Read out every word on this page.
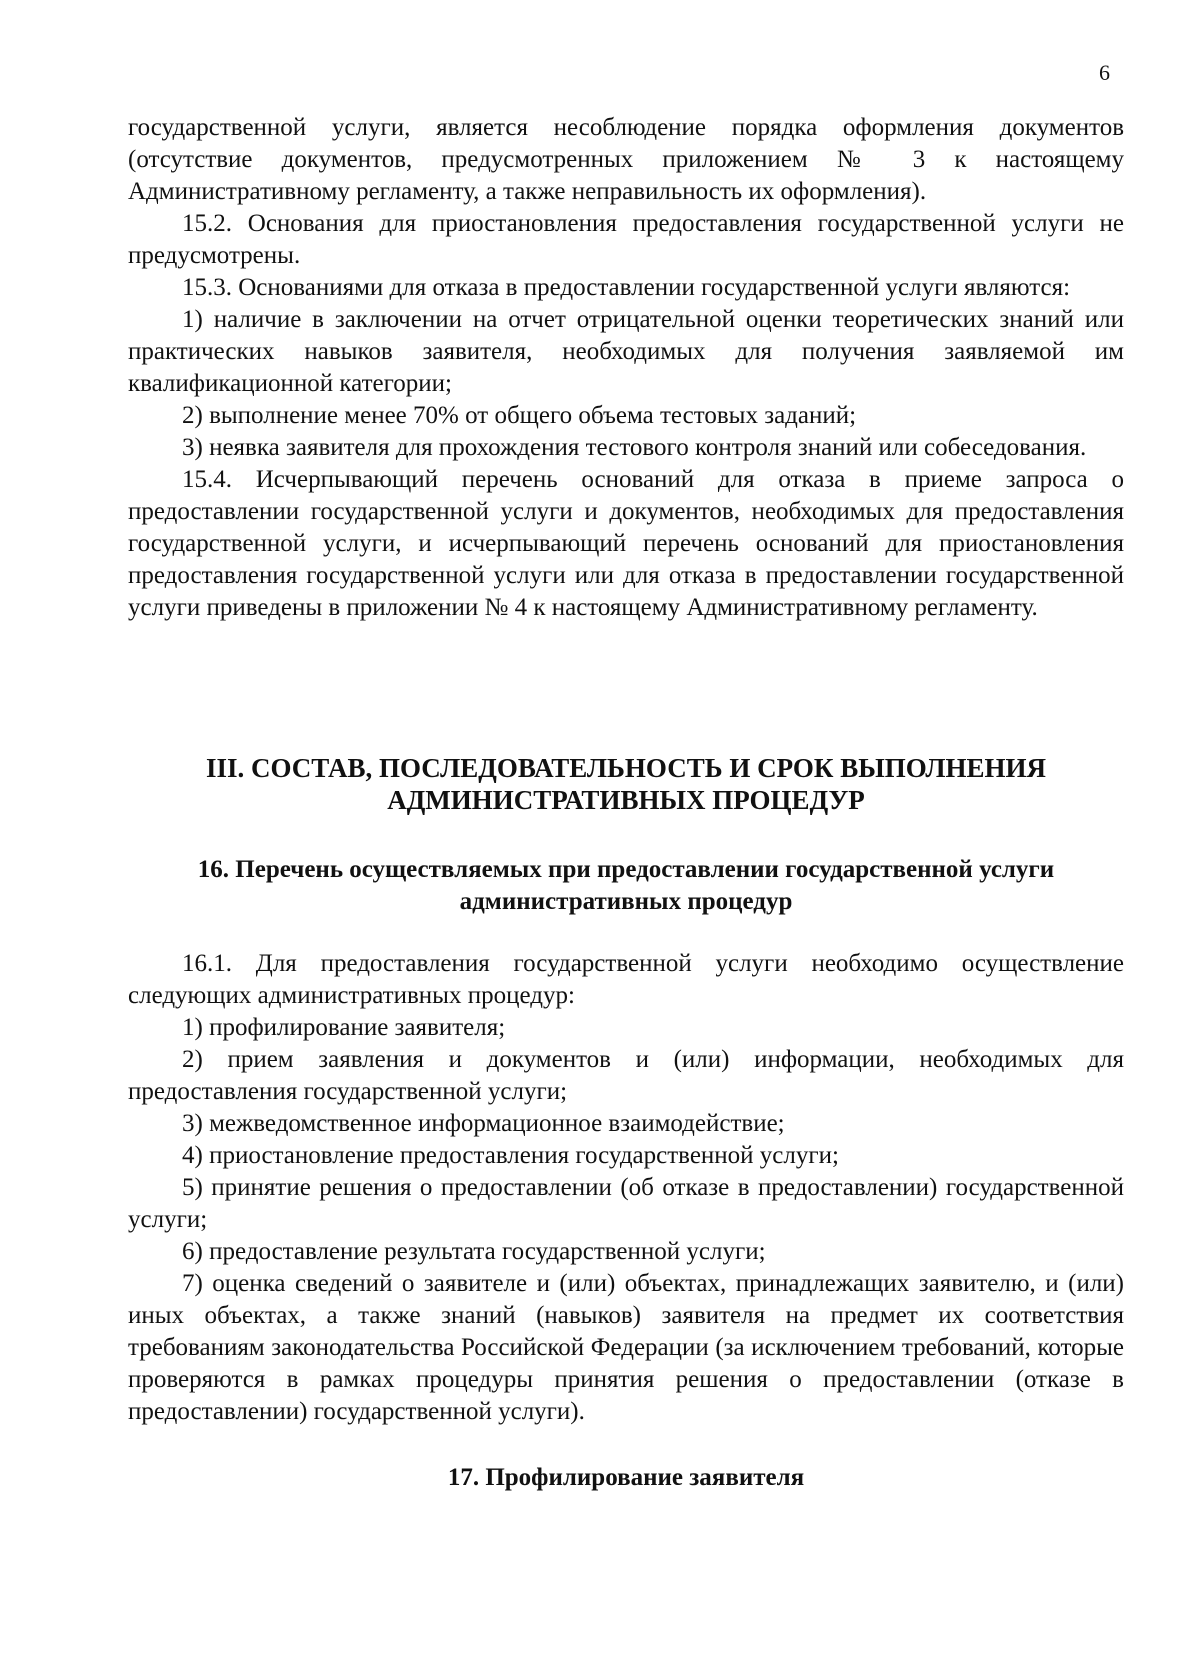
6

государственной услуги, является несоблюдение порядка оформления документов (отсутствие документов, предусмотренных приложением № 3 к настоящему Административному регламенту, а также неправильность их оформления).

15.2. Основания для приостановления предоставления государственной услуги не предусмотрены.

15.3. Основаниями для отказа в предоставлении государственной услуги являются:

1) наличие в заключении на отчет отрицательной оценки теоретических знаний или практических навыков заявителя, необходимых для получения заявляемой им квалификационной категории;

2) выполнение менее 70% от общего объема тестовых заданий;

3) неявка заявителя для прохождения тестового контроля знаний или собеседования.

15.4. Исчерпывающий перечень оснований для отказа в приеме запроса о предоставлении государственной услуги и документов, необходимых для предоставления государственной услуги, и исчерпывающий перечень оснований для приостановления предоставления государственной услуги или для отказа в предоставлении государственной услуги приведены в приложении № 4 к настоящему Административному регламенту.

III. СОСТАВ, ПОСЛЕДОВАТЕЛЬНОСТЬ И СРОК ВЫПОЛНЕНИЯ

АДМИНИСТРАТИВНЫХ ПРОЦЕДУР

16. Перечень осуществляемых при предоставлении государственной услуги

административных процедур

16.1. Для предоставления государственной услуги необходимо осуществление следующих административных процедур:

1) профилирование заявителя;

2) прием заявления и документов и (или) информации, необходимых для предоставления государственной услуги;

3) межведомственное информационное взаимодействие;

4) приостановление предоставления государственной услуги;

5) принятие решения о предоставлении (об отказе в предоставлении) государственной услуги;

6) предоставление результата государственной услуги;

7) оценка сведений о заявителе и (или) объектах, принадлежащих заявителю, и (или) иных объектах, а также знаний (навыков) заявителя на предмет их соответствия требованиям законодательства Российской Федерации (за исключением требований, которые проверяются в рамках процедуры принятия решения о предоставлении (отказе в предоставлении) государственной услуги).

17. Профилирование заявителя
